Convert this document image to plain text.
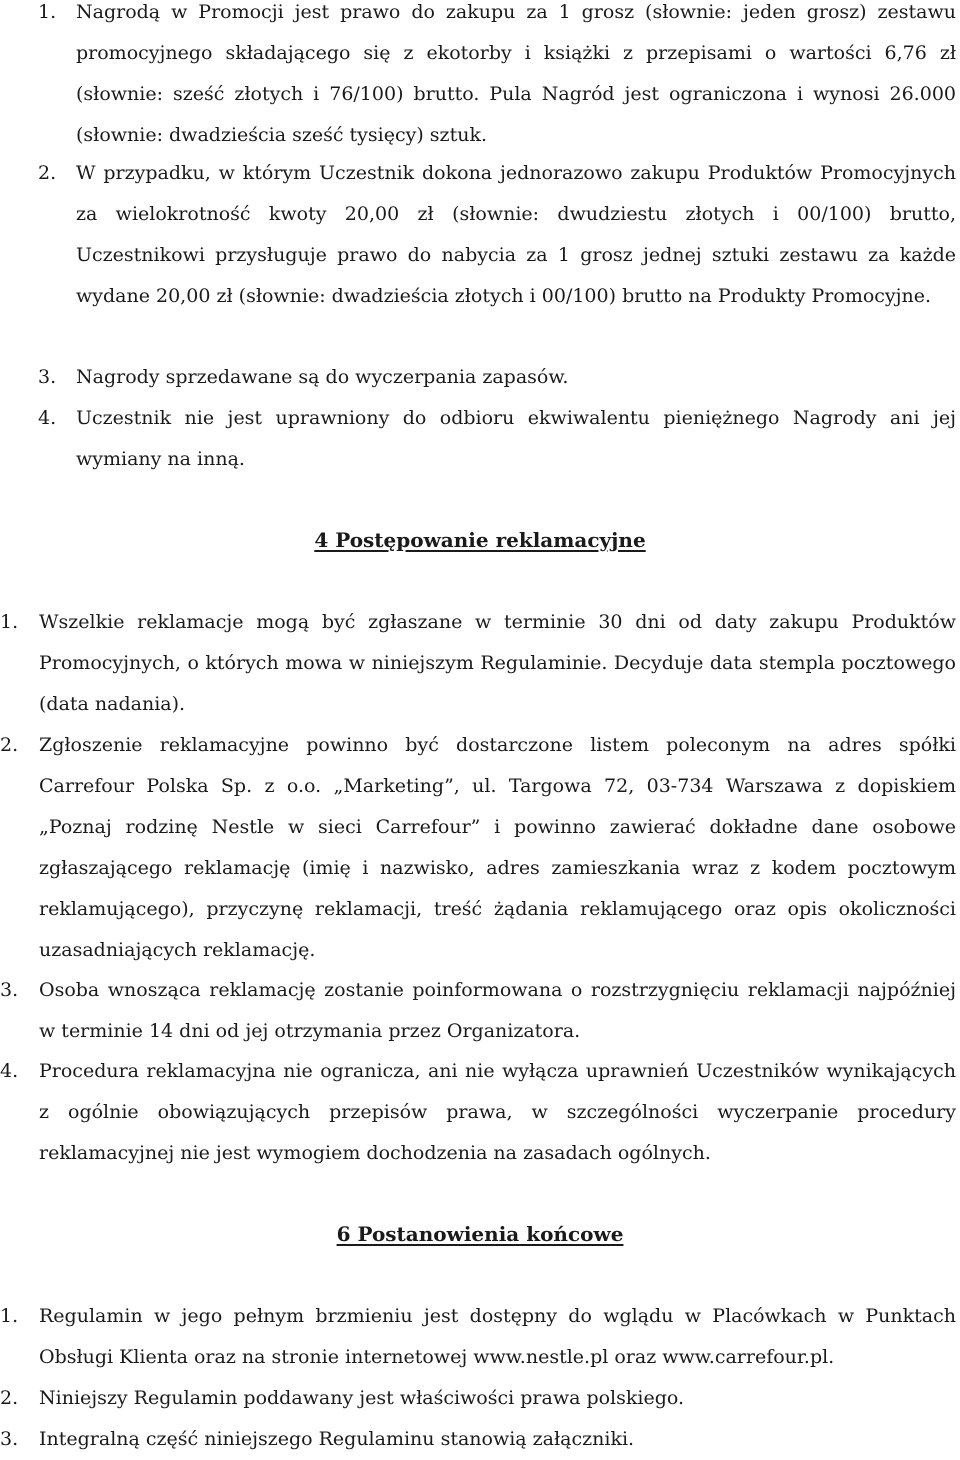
1. Nagrodą w Promocji jest prawo do zakupu za 1 grosz (słownie: jeden grosz) zestawu promocyjnego składającego się z ekotorby i książki z przepisami o wartości 6,76 zł (słownie: sześć złotych i 76/100) brutto. Pula Nagród jest ograniczona i wynosi 26.000 (słownie: dwadzieścia sześć tysięcy) sztuk.
2. W przypadku, w którym Uczestnik dokona jednorazowo zakupu Produktów Promocyjnych za wielokrotność kwoty 20,00 zł (słownie: dwudziestu złotych i 00/100) brutto, Uczestnikowi przysługuje prawo do nabycia za 1 grosz jednej sztuki zestawu za każde wydane 20,00 zł (słownie: dwadzieścia złotych i 00/100) brutto na Produkty Promocyjne.
3. Nagrody sprzedawane są do wyczerpania zapasów.
4. Uczestnik nie jest uprawniony do odbioru ekwiwalentu pieniężnego Nagrody ani jej wymiany na inną.
4 Postępowanie reklamacyjne
1. Wszelkie reklamacje mogą być zgłaszane w terminie 30 dni od daty zakupu Produktów Promocyjnych, o których mowa w niniejszym Regulaminie. Decyduje data stempla pocztowego (data nadania).
2. Zgłoszenie reklamacyjne powinno być dostarczone listem poleconym na adres spółki Carrefour Polska Sp. z o.o. „Marketing”, ul. Targowa 72, 03-734 Warszawa z dopiskiem „Poznaj rodzinę Nestle w sieci Carrefour” i powinno zawierać dokładne dane osobowe zgłaszającego reklamację (imię i nazwisko, adres zamieszkania wraz z kodem pocztowym reklamującego), przyczynę reklamacji, treść żądania reklamującego oraz opis okoliczności uzasadniających reklamację.
3. Osoba wnosząca reklamację zostanie poinformowana o rozstrzygnięciu reklamacji najpóźniej w terminie 14 dni od jej otrzymania przez Organizatora.
4. Procedura reklamacyjna nie ogranicza, ani nie wyłącza uprawnień Uczestników wynikających z ogólnie obowiązujących przepisów prawa, w szczególności wyczerpanie procedury reklamacyjnej nie jest wymogiem dochodzenia na zasadach ogólnych.
6 Postanowienia końcowe
1. Regulamin w jego pełnym brzmieniu jest dostępny do wglądu w Placówkach w Punktach Obsługi Klienta oraz na stronie internetowej www.nestle.pl oraz www.carrefour.pl.
2. Niniejszy Regulamin poddawany jest właściwości prawa polskiego.
3. Integralną część niniejszego Regulaminu stanowią załączniki.
